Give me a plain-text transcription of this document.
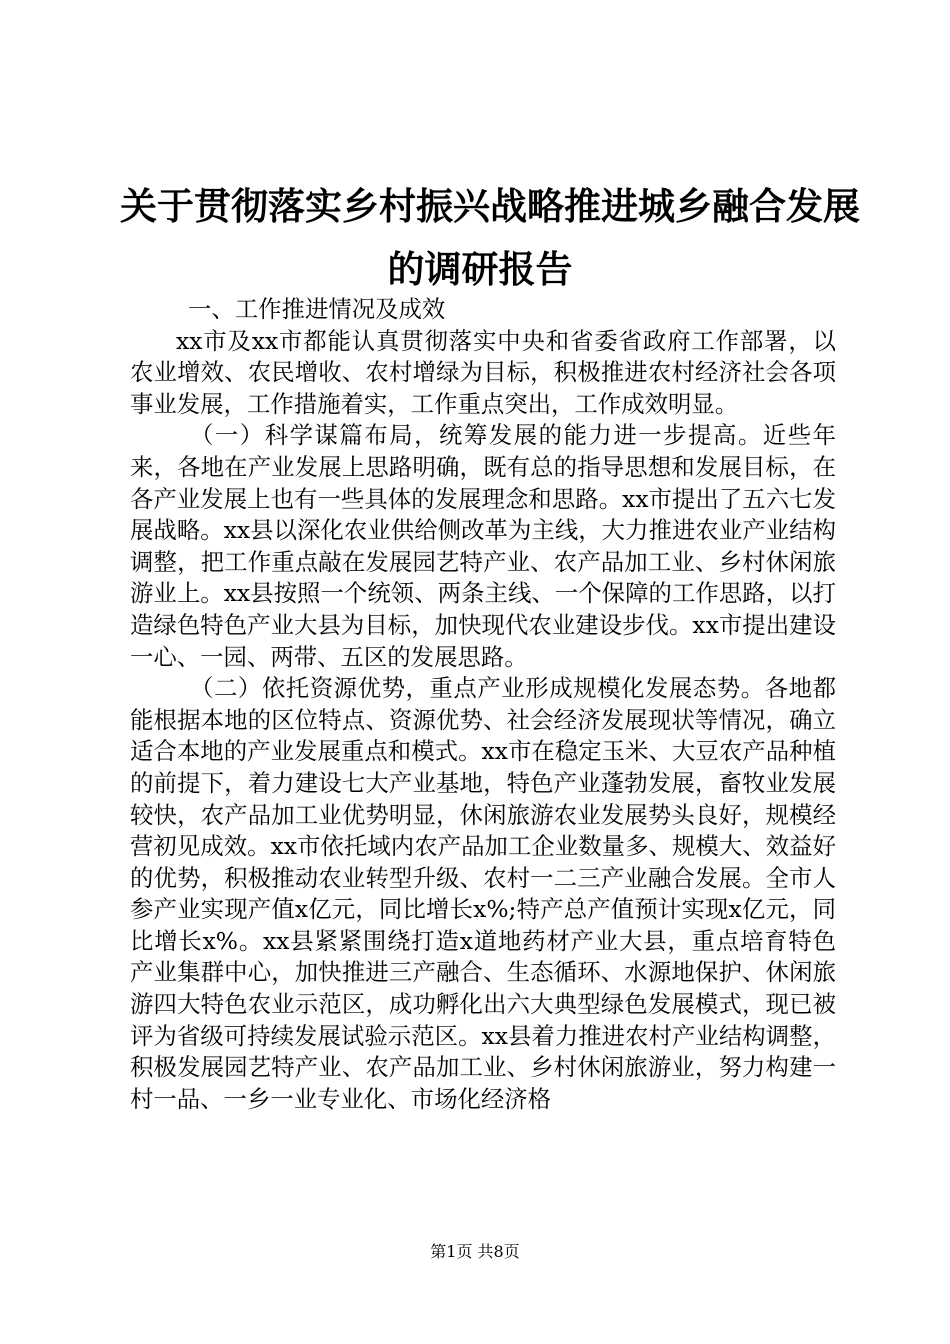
关于贯彻落实乡村振兴战略推进城乡融合发展
的调研报告

一、工作推进情况及成效

xx市及xx市都能认真贯彻落实中央和省委省政府工作部署，以农业增效、农民增收、农村增绿为目标，积极推进农村经济社会各项事业发展，工作措施着实，工作重点突出，工作成效明显。

（一）科学谋篇布局，统筹发展的能力进一步提高。近些年来，各地在产业发展上思路明确，既有总的指导思想和发展目标，在各产业发展上也有一些具体的发展理念和思路。xx市提出了五六七发展战略。xx县以深化农业供给侧改革为主线，大力推进农业产业结构调整，把工作重点敲在发展园艺特产业、农产品加工业、乡村休闲旅游业上。xx县按照一个统领、两条主线、一个保障的工作思路，以打造绿色特色产业大县为目标，加快现代农业建设步伐。xx市提出建设一心、一园、两带、五区的发展思路。

（二）依托资源优势，重点产业形成规模化发展态势。各地都能根据本地的区位特点、资源优势、社会经济发展现状等情况，确立适合本地的产业发展重点和模式。xx市在稳定玉米、大豆农产品种植的前提下，着力建设七大产业基地，特色产业蓬勃发展，畜牧业发展较快，农产品加工业优势明显，休闲旅游农业发展势头良好，规模经营初见成效。xx市依托域内农产品加工企业数量多、规模大、效益好的优势，积极推动农业转型升级、农村一二三产业融合发展。全市人参产业实现产值x亿元，同比增长x%;特产总产值预计实现x亿元，同比增长x%。xx县紧紧围绕打造x道地药材产业大县，重点培育特色产业集群中心，加快推进三产融合、生态循环、水源地保护、休闲旅游四大特色农业示范区，成功孵化出六大典型绿色发展模式，现已被评为省级可持续发展试验示范区。xx县着力推进农村产业结构调整，积极发展园艺特产业、农产品加工业、乡村休闲旅游业，努力构建一村一品、一乡一业专业化、市场化经济格

第1页 共8页
